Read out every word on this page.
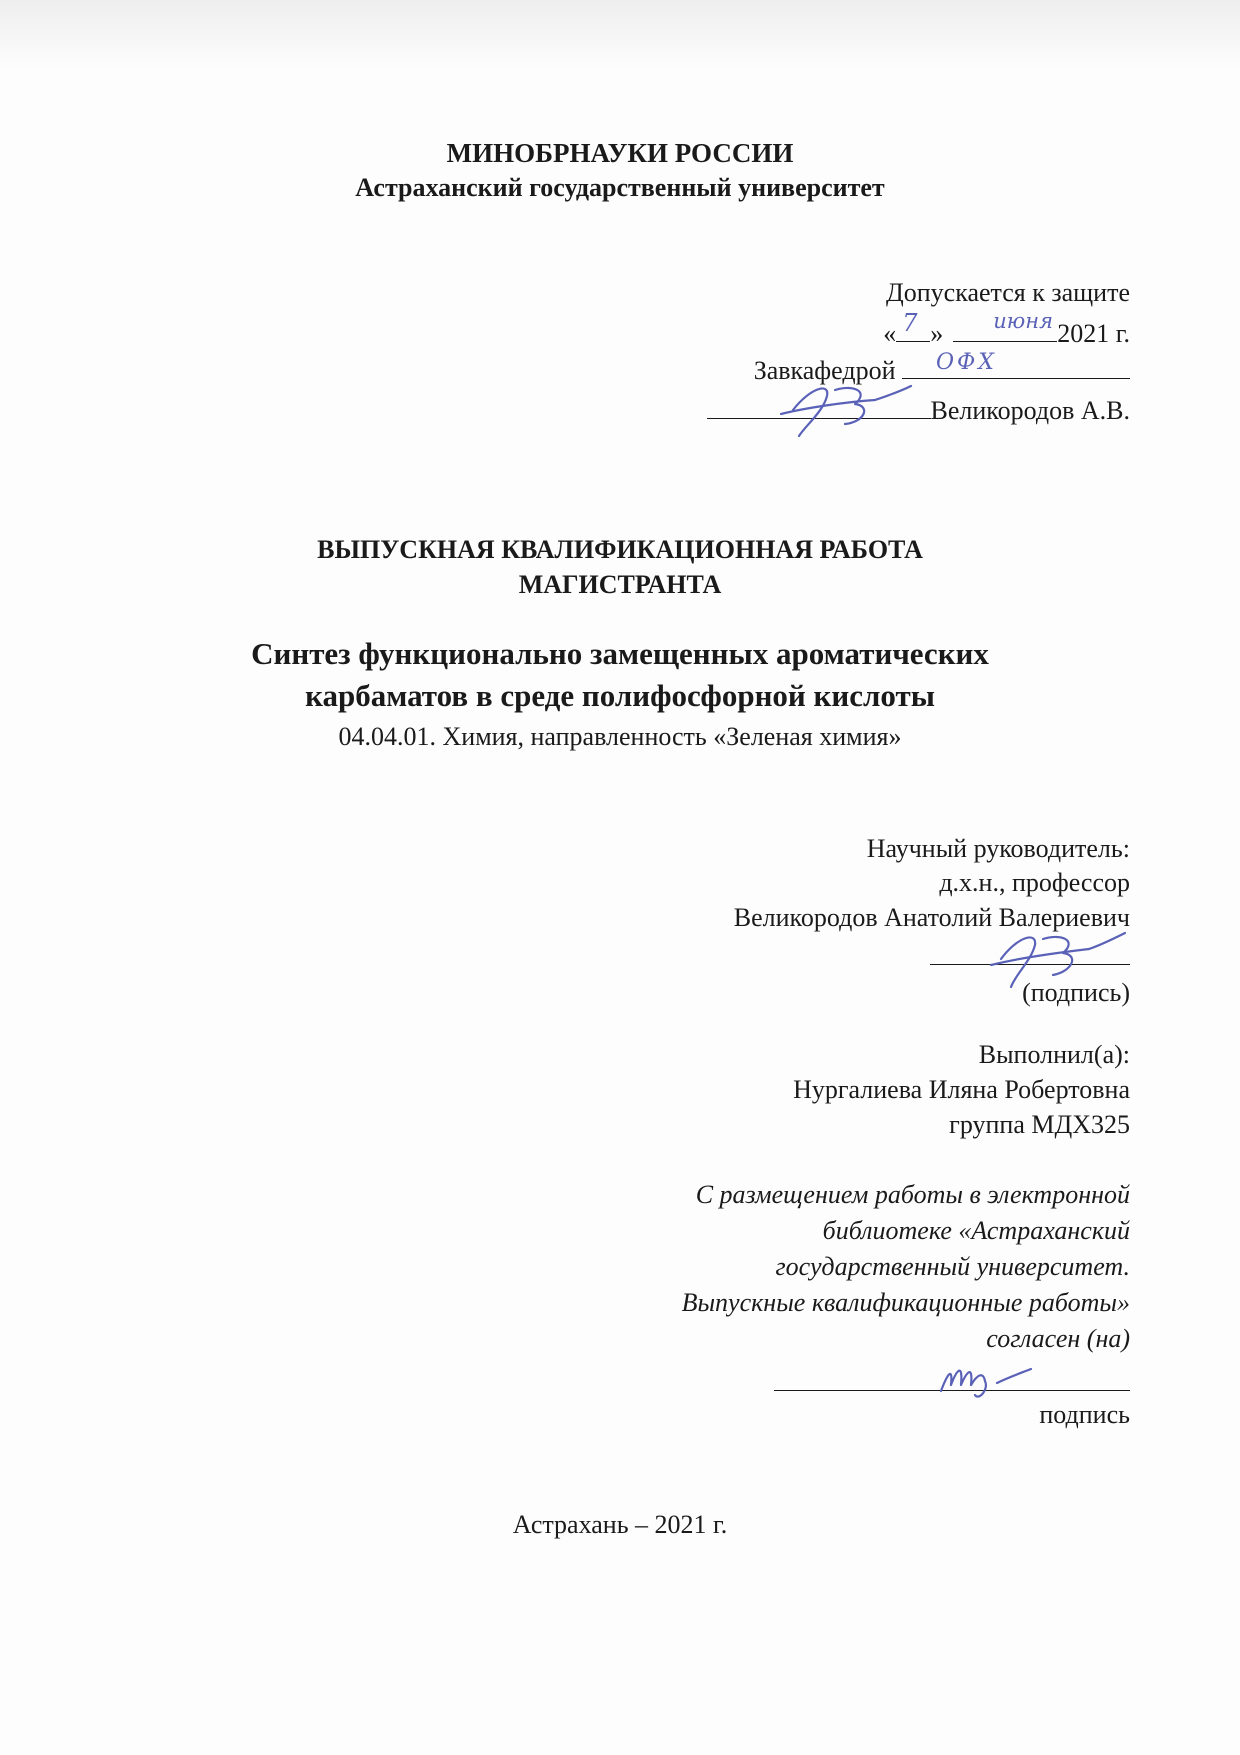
МИНОБРНАУКИ РОССИИ
Астраханский государственный университет
Допускается к защите
« 7 » июня 2021 г.
Завкафедрой ОФХ
Великородов А.В.
ВЫПУСКНАЯ КВАЛИФИКАЦИОННАЯ РАБОТА
МАГИСТРАНТА
Синтез функционально замещенных ароматических
карбаматов в среде полифосфорной кислоты
04.04.01. Химия, направленность «Зеленая химия»
Научный руководитель:
д.х.н., профессор
Великородов Анатолий Валериевич
(подпись)
Выполнил(а):
Нургалиева Иляна Робертовна
группа МДХ325
С размещением работы в электронной
библиотеке «Астраханский
государственный университет.
Выпускные квалификационные работы»
согласен (на)
подпись
Астрахань – 2021 г.
